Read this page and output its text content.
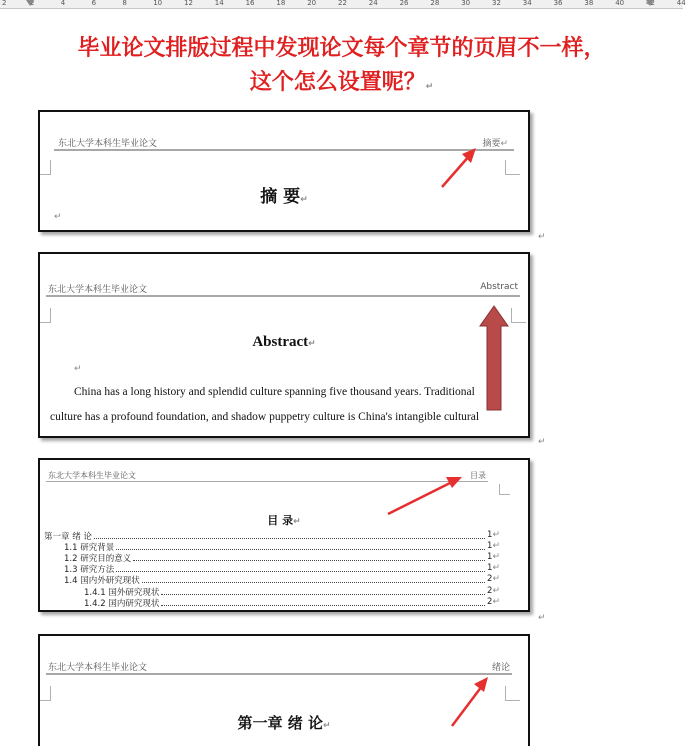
2	2	4	6	8	10	12	14	16	18	20	22	24	26	28	30	32	34	36	38	40	42	44
毕业论文排版过程中发现论文每个章节的页眉不一样，
这个怎么设置呢？↵
东北大学本科生毕业论文	摘要↵
摘 要↵
↵
↵
东北大学本科生毕业论文	Abstract
Abstract↵
↵
China has a long history and splendid culture spanning five thousand years. Traditional
culture has a profound foundation, and shadow puppetry culture is China's intangible cultural
↵
东北大学本科生毕业论文	目录
目 录↵
第一章 绪 论	1 ↵
1.1 研究背景	1 ↵
1.2 研究目的意义	1 ↵
1.3 研究方法	1 ↵
1.4 国内外研究现状	2 ↵
1.4.1 国外研究现状	2 ↵
1.4.2 国内研究现状	2 ↵
↵
东北大学本科生毕业论文	绪论
第一章 绪 论↵
